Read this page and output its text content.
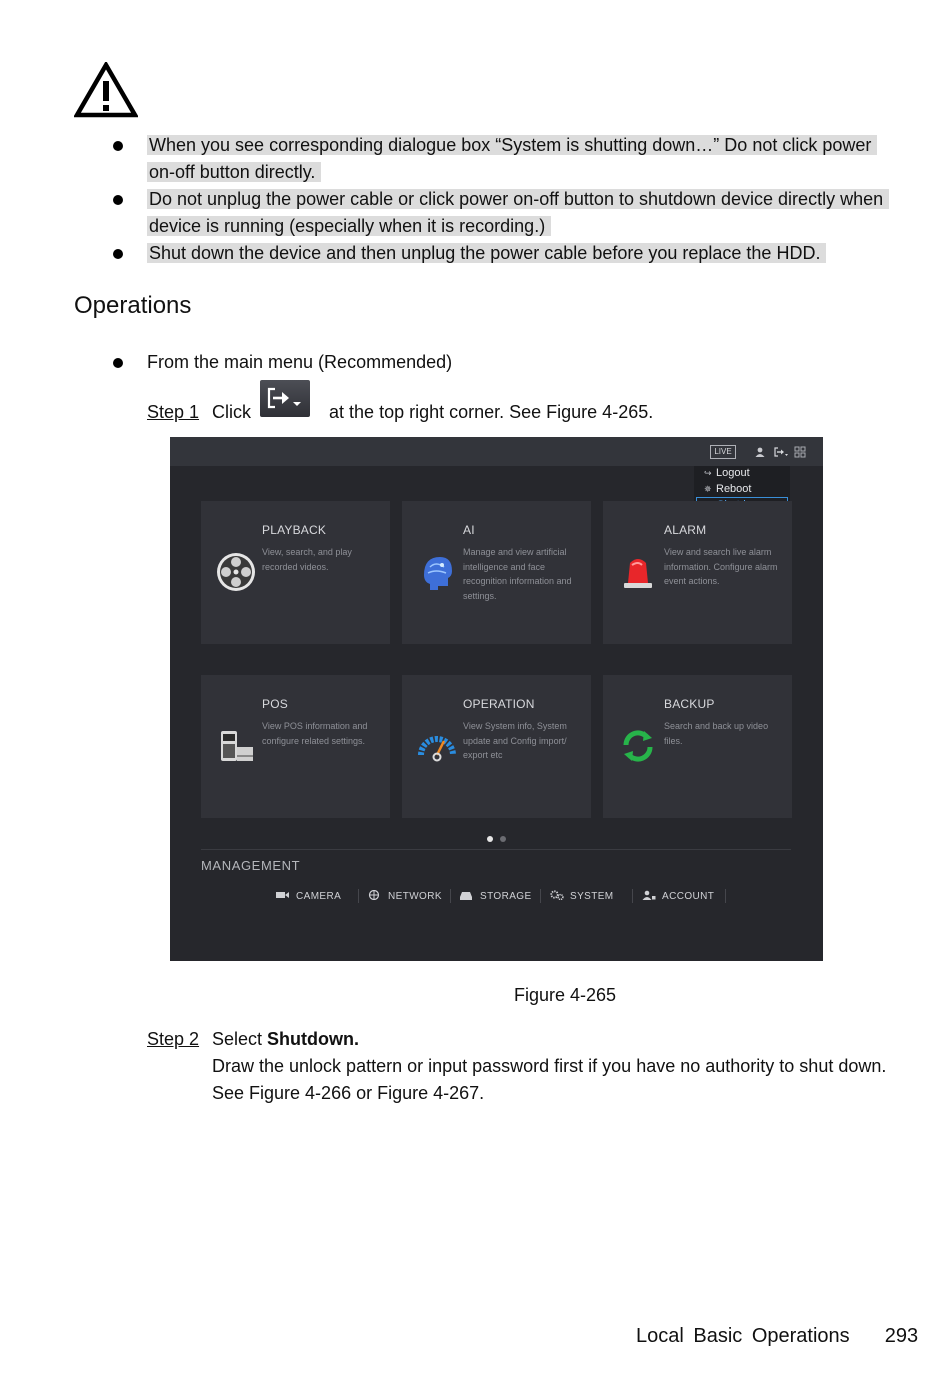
When you see corresponding dialogue box “System is shutting down…” Do not click power
on-off button directly.
Do not unplug the power cable or click power on-off button to shutdown device directly when
device is running (especially when it is recording.)
Shut down the device and then unplug the power cable before you replace the HDD.
Operations
From the main menu (Recommended)
Step 1 Click	at the top right corner. See Figure 4-265.
LIVE
↪ Logout
✵ Reboot
PLAYBACK
View, search, and play recorded videos.
AI
Manage and view artificial intelligence and face recognition information and settings.
ALARM
View and search live alarm information. Configure alarm event actions.
POS
View POS information and configure related settings.
OPERATION
View System info, System update and Config import/ export etc
BACKUP
Search and back up video files.
MANAGEMENT
CAMERA	NETWORK	STORAGE	SYSTEM	ACCOUNT
Figure 4-265
Step 2 Select Shutdown.
Draw the unlock pattern or input password first if you have no authority to shut down.
See Figure 4-266 or Figure 4-267.
Local Basic Operations 293
